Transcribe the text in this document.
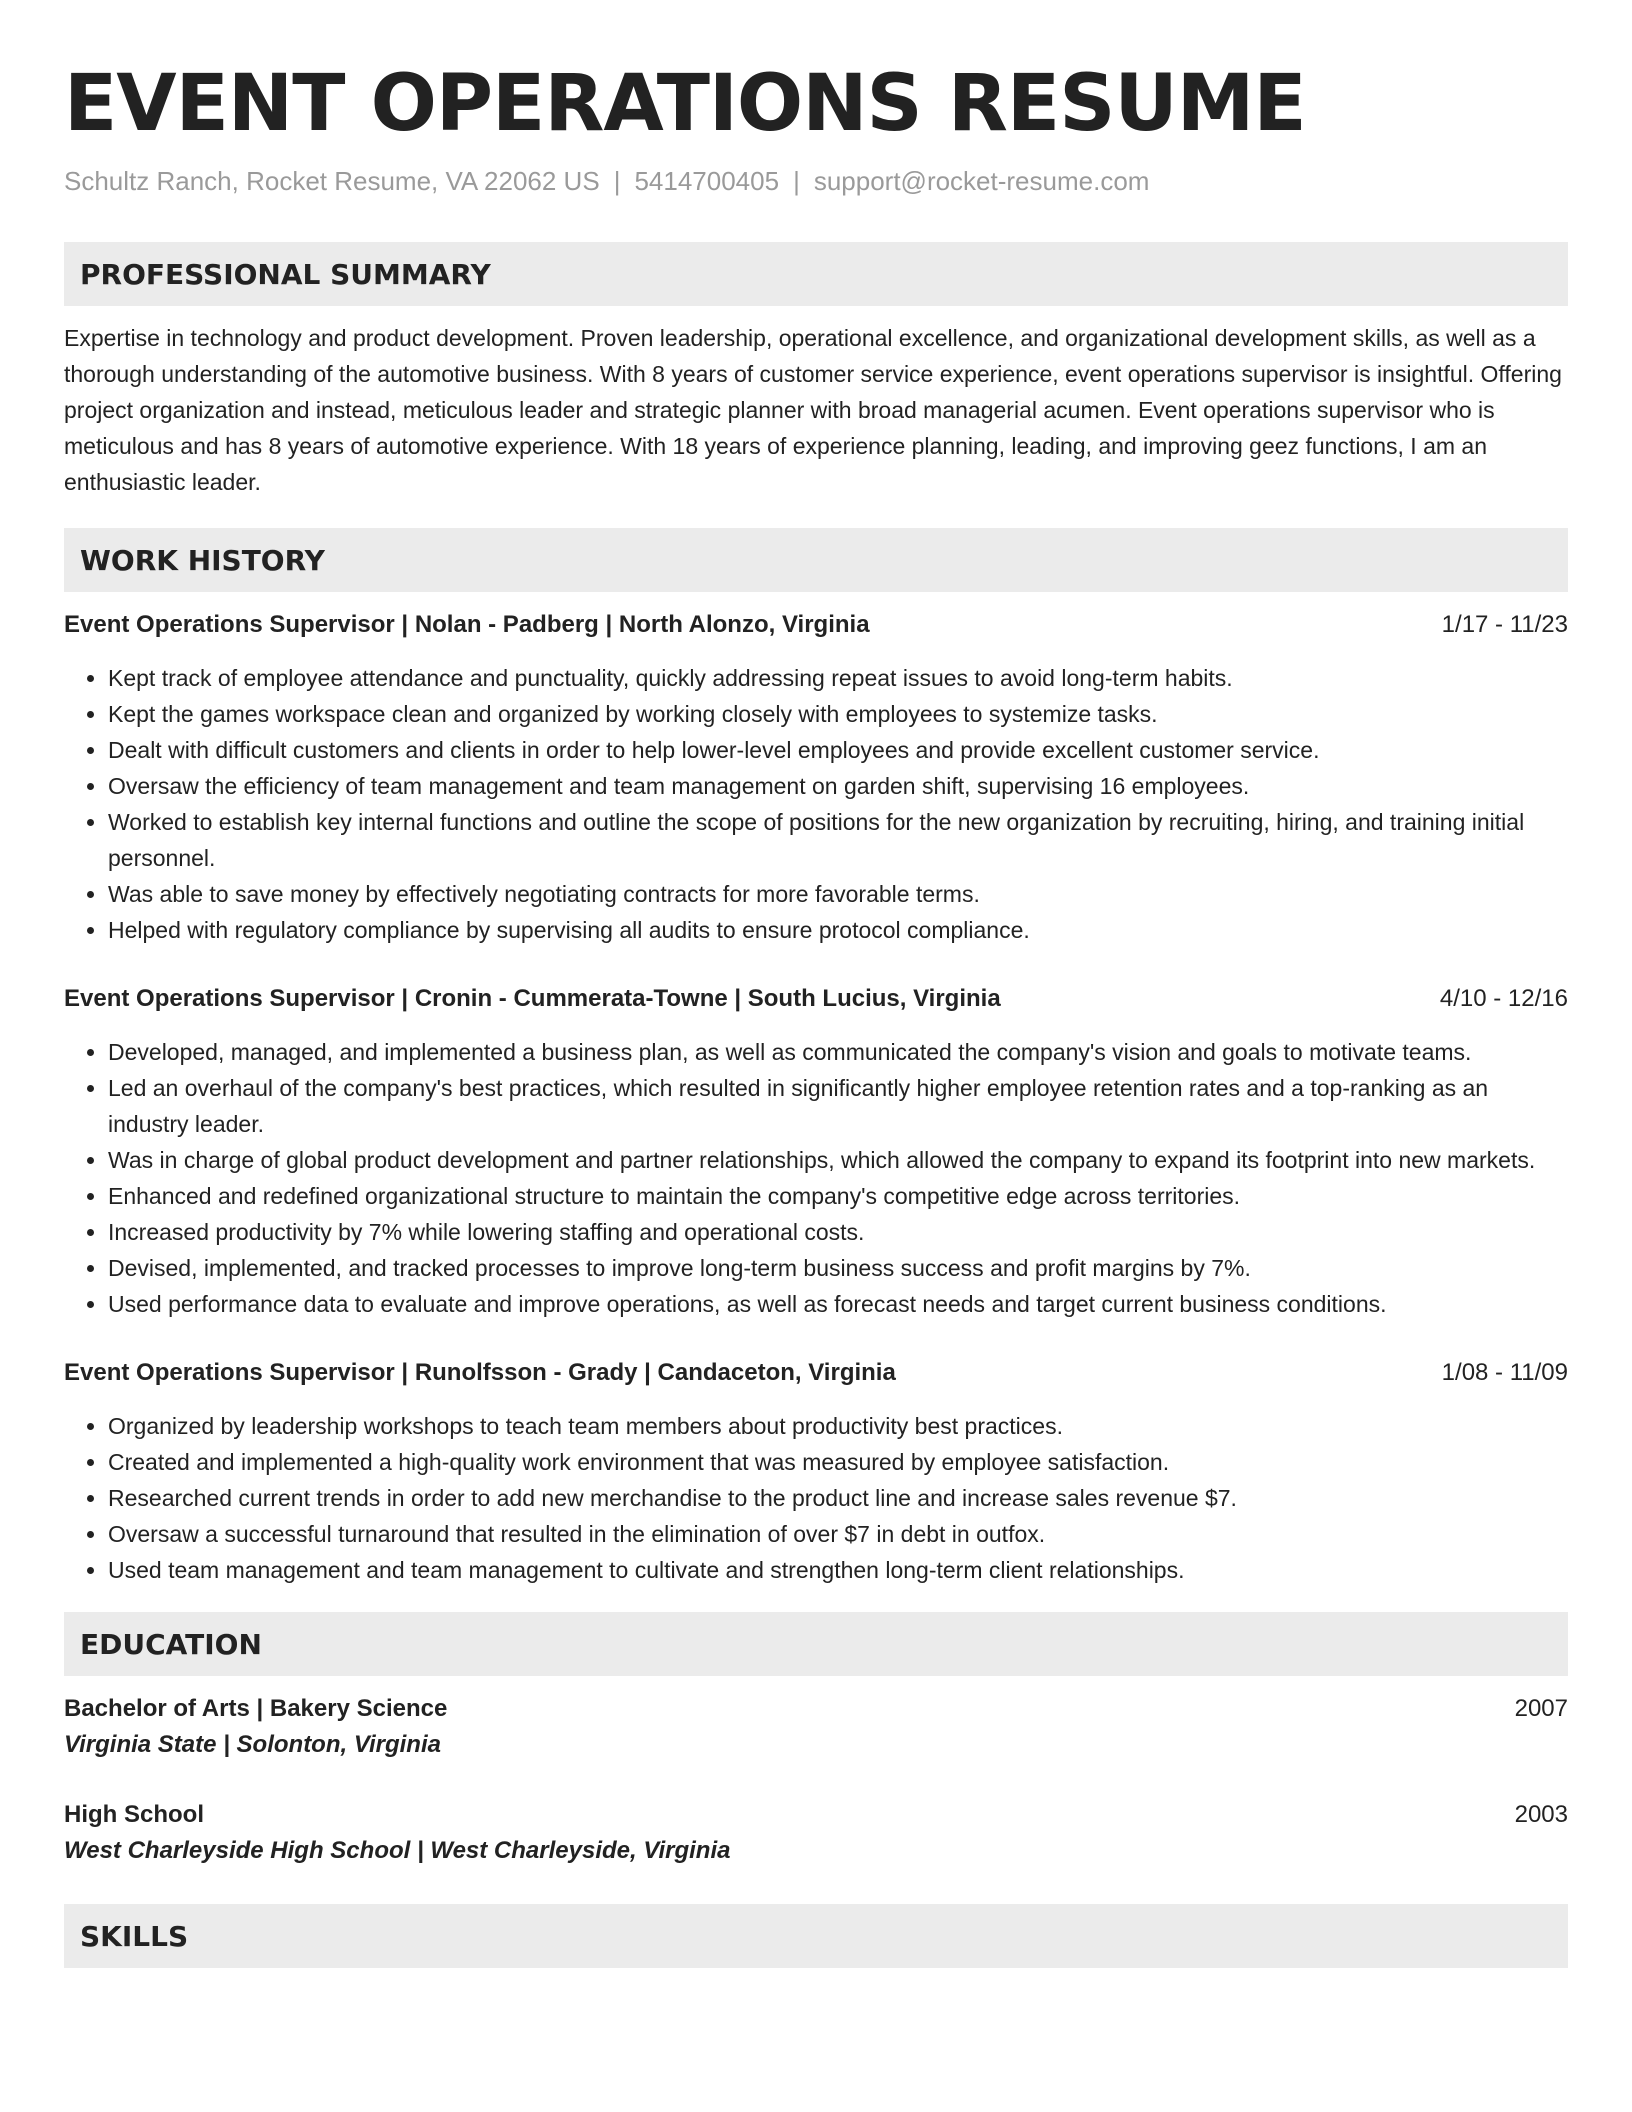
EVENT OPERATIONS RESUME
Schultz Ranch, Rocket Resume, VA 22062 US | 5414700405 | support@rocket-resume.com
PROFESSIONAL SUMMARY

Expertise in technology and product development. Proven leadership, operational excellence, and organizational development skills, as well as a thorough understanding of the automotive business. With 8 years of customer service experience, event operations supervisor is insightful. Offering project organization and instead, meticulous leader and strategic planner with broad managerial acumen. Event operations supervisor who is meticulous and has 8 years of automotive experience. With 18 years of experience planning, leading, and improving geez functions, I am an enthusiastic leader.

WORK HISTORY
Event Operations Supervisor | Nolan - Padberg | North Alonzo, Virginia	1/17 - 11/23
• Kept track of employee attendance and punctuality, quickly addressing repeat issues to avoid long-term habits.
• Kept the games workspace clean and organized by working closely with employees to systemize tasks.
• Dealt with difficult customers and clients in order to help lower-level employees and provide excellent customer service.
• Oversaw the efficiency of team management and team management on garden shift, supervising 16 employees.
• Worked to establish key internal functions and outline the scope of positions for the new organization by recruiting, hiring, and training initial personnel.
• Was able to save money by effectively negotiating contracts for more favorable terms.
• Helped with regulatory compliance by supervising all audits to ensure protocol compliance.
Event Operations Supervisor | Cronin - Cummerata-Towne | South Lucius, Virginia	4/10 - 12/16
• Developed, managed, and implemented a business plan, as well as communicated the company's vision and goals to motivate teams.
• Led an overhaul of the company's best practices, which resulted in significantly higher employee retention rates and a top-ranking as an industry leader.
• Was in charge of global product development and partner relationships, which allowed the company to expand its footprint into new markets.
• Enhanced and redefined organizational structure to maintain the company's competitive edge across territories.
• Increased productivity by 7% while lowering staffing and operational costs.
• Devised, implemented, and tracked processes to improve long-term business success and profit margins by 7%.
• Used performance data to evaluate and improve operations, as well as forecast needs and target current business conditions.
Event Operations Supervisor | Runolfsson - Grady | Candaceton, Virginia	1/08 - 11/09
• Organized by leadership workshops to teach team members about productivity best practices.
• Created and implemented a high-quality work environment that was measured by employee satisfaction.
• Researched current trends in order to add new merchandise to the product line and increase sales revenue $7.
• Oversaw a successful turnaround that resulted in the elimination of over $7 in debt in outfox.
• Used team management and team management to cultivate and strengthen long-term client relationships.
EDUCATION
Bachelor of Arts | Bakery Science	2007
Virginia State | Solonton, Virginia
High School	2003
West Charleyside High School | West Charleyside, Virginia
SKILLS
